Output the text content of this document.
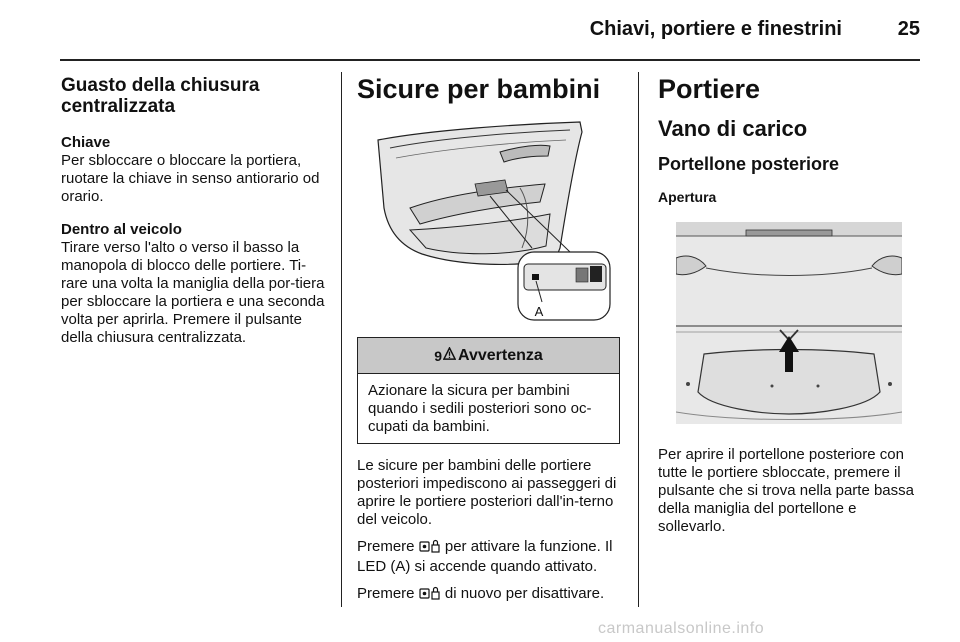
Chiavi, portiere e finestrini	25
Guasto della chiusura centralizzata
Chiave

Per sbloccare o bloccare la portiera, ruotare la chiave in senso antiorario od orario.

Dentro al veicolo

Tirare verso l'alto o verso il basso la manopola di blocco delle portiere. Ti-rare una volta la maniglia della por-tiera per sbloccare la portiera e una seconda volta per aprirla. Premere il pulsante della chiusura centralizzata.

Sicure per bambini
A
9 Avvertenza
Azionare la sicura per bambini quando i sedili posteriori sono oc-cupati da bambini.

Le sicure per bambini delle portiere posteriori impediscono ai passeggeri di aprire le portiere posteriori dall'in-terno del veicolo.

Premere per attivare la funzione. Il LED (A) si accende quando attivato.

Premere di nuovo per disattivare.

Portiere
Vano di carico
Portellone posteriore
Apertura

Per aprire il portellone posteriore con tutte le portiere sbloccate, premere il pulsante che si trova nella parte bassa della maniglia del portellone e sollevarlo.

carmanualsonline.info
